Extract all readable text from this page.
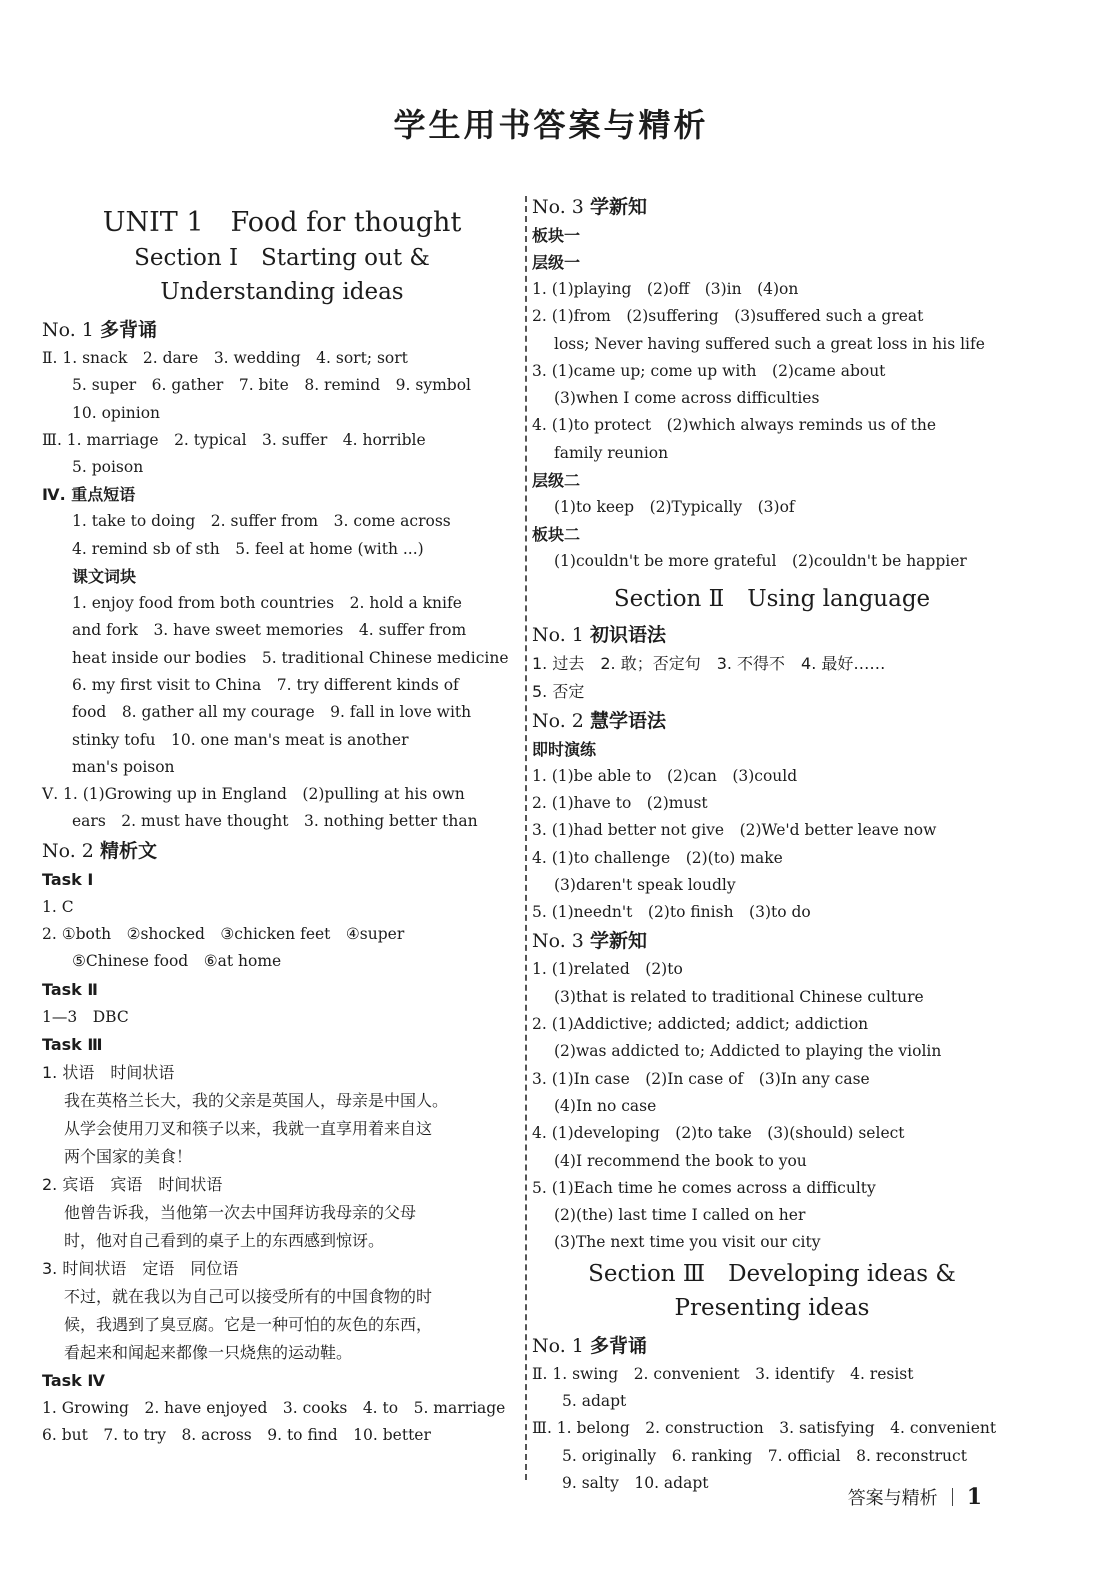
学生用书答案与精析
UNIT 1　Food for thought
Section Ⅰ　Starting out &
Understanding ideas
No. 1 多背诵
Ⅱ. 1. snack　2. dare　3. wedding　4. sort; sort
5. super　6. gather　7. bite　8. remind　9. symbol
10. opinion
Ⅲ. 1. marriage　2. typical　3. suffer　4. horrible
5. poison
Ⅳ. 重点短语
1. take to doing　2. suffer from　3. come across
4. remind sb of sth　5. feel at home (with ...)
课文词块
1. enjoy food from both countries　2. hold a knife
and fork　3. have sweet memories　4. suffer from
heat inside our bodies　5. traditional Chinese medicine
6. my first visit to China　7. try different kinds of
food　8. gather all my courage　9. fall in love with
stinky tofu　10. one man's meat is another
man's poison
Ⅴ. 1. (1)Growing up in England　(2)pulling at his own
ears　2. must have thought　3. nothing better than
No. 2 精析文
Task Ⅰ
1. C
2. ①both　②shocked　③chicken feet　④super
⑤Chinese food　⑥at home
Task Ⅱ
1—3　DBC
Task Ⅲ
1. 状语　时间状语
我在英格兰长大，我的父亲是英国人，母亲是中国人。
从学会使用刀叉和筷子以来，我就一直享用着来自这
两个国家的美食！
2. 宾语　宾语　时间状语
他曾告诉我，当他第一次去中国拜访我母亲的父母
时，他对自己看到的桌子上的东西感到惊讶。
3. 时间状语　定语　同位语
不过，就在我以为自己可以接受所有的中国食物的时
候，我遇到了臭豆腐。它是一种可怕的灰色的东西，
看起来和闻起来都像一只烧焦的运动鞋。
Task Ⅳ
1. Growing　2. have enjoyed　3. cooks　4. to　5. marriage
6. but　7. to try　8. across　9. to find　10. better
No. 3 学新知
板块一
层级一
1. (1)playing　(2)off　(3)in　(4)on
2. (1)from　(2)suffering　(3)suffered such a great
loss; Never having suffered such a great loss in his life
3. (1)came up; come up with　(2)came about
(3)when I come across difficulties
4. (1)to protect　(2)which always reminds us of the
family reunion
层级二
(1)to keep　(2)Typically　(3)of
板块二
(1)couldn't be more grateful　(2)couldn't be happier
Section Ⅱ　Using language
No. 1 初识语法
1. 过去　2. 敢；否定句　3. 不得不　4. 最好……
5. 否定
No. 2 慧学语法
即时演练
1. (1)be able to　(2)can　(3)could
2. (1)have to　(2)must
3. (1)had better not give　(2)We'd better leave now
4. (1)to challenge　(2)(to) make
(3)daren't speak loudly
5. (1)needn't　(2)to finish　(3)to do
No. 3 学新知
1. (1)related　(2)to
(3)that is related to traditional Chinese culture
2. (1)Addictive; addicted; addict; addiction
(2)was addicted to; Addicted to playing the violin
3. (1)In case　(2)In case of　(3)In any case
(4)In no case
4. (1)developing　(2)to take　(3)(should) select
(4)I recommend the book to you
5. (1)Each time he comes across a difficulty
(2)(the) last time I called on her
(3)The next time you visit our city
Section Ⅲ　Developing ideas &
Presenting ideas
No. 1 多背诵
Ⅱ. 1. swing　2. convenient　3. identify　4. resist
5. adapt
Ⅲ. 1. belong　2. construction　3. satisfying　4. convenient
5. originally　6. ranking　7. official　8. reconstruct
9. salty　10. adapt
答案与精析 1
